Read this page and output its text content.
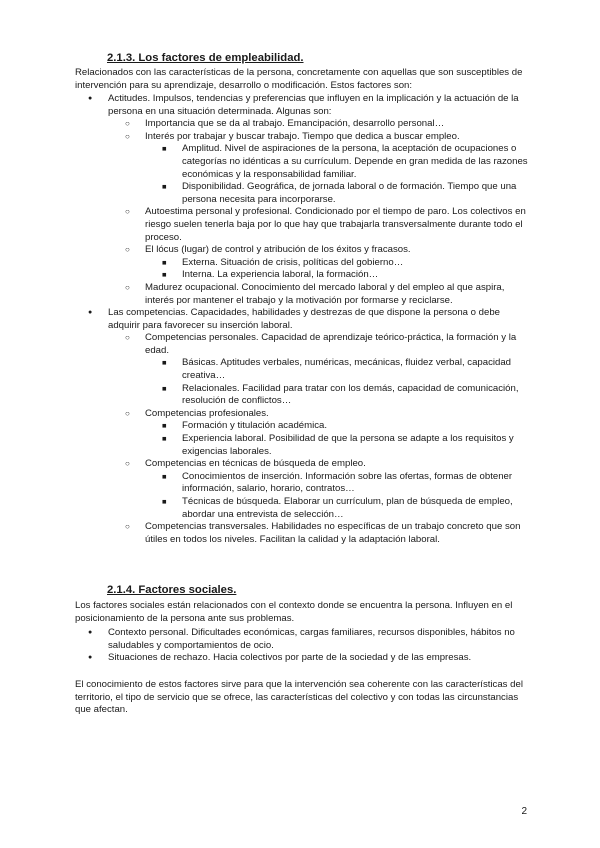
2.1.3. Los factores de empleabilidad.
Relacionados con las características de la persona, concretamente con aquellas que son susceptibles de intervención para su aprendizaje, desarrollo o modificación. Estos factores son:
● Actitudes. Impulsos, tendencias y preferencias que influyen en la implicación y la actuación de la persona en una situación determinada. Algunas son:
○ Importancia que se da al trabajo. Emancipación, desarrollo personal…
○ Interés por trabajar y buscar trabajo. Tiempo que dedica a buscar empleo.
■ Amplitud. Nivel de aspiraciones de la persona, la aceptación de ocupaciones o categorías no idénticas a su currículum. Depende en gran medida de las razones económicas y la responsabilidad familiar.
■ Disponibilidad. Geográfica, de jornada laboral o de formación. Tiempo que una persona necesita para incorporarse.
○ Autoestima personal y profesional. Condicionado por el tiempo de paro. Los colectivos en riesgo suelen tenerla baja por lo que hay que trabajarla transversalmente durante todo el proceso.
○ El lócus (lugar) de control y atribución de los éxitos y fracasos.
■ Externa. Situación de crisis, políticas del gobierno…
■ Interna. La experiencia laboral, la formación…
○ Madurez ocupacional. Conocimiento del mercado laboral y del empleo al que aspira, interés por mantener el trabajo y la motivación por formarse y reciclarse.
● Las competencias. Capacidades, habilidades y destrezas de que dispone la persona o debe adquirir para favorecer su inserción laboral.
○ Competencias personales. Capacidad de aprendizaje teórico-práctica, la formación y la edad.
■ Básicas. Aptitudes verbales, numéricas, mecánicas, fluidez verbal, capacidad creativa…
■ Relacionales. Facilidad para tratar con los demás, capacidad de comunicación, resolución de conflictos…
○ Competencias profesionales.
■ Formación y titulación académica.
■ Experiencia laboral. Posibilidad de que la persona se adapte a los requisitos y exigencias laborales.
○ Competencias en técnicas de búsqueda de empleo.
■ Conocimientos de inserción. Información sobre las ofertas, formas de obtener información, salario, horario, contratos…
■ Técnicas de búsqueda. Elaborar un currículum, plan de búsqueda de empleo, abordar una entrevista de selección…
○ Competencias transversales. Habilidades no específicas de un trabajo concreto que son útiles en todos los niveles. Facilitan la calidad y la adaptación laboral.
2.1.4. Factores sociales.
Los factores sociales están relacionados con el contexto donde se encuentra la persona. Influyen en el posicionamiento de la persona ante sus problemas.
● Contexto personal. Dificultades económicas, cargas familiares, recursos disponibles, hábitos no saludables y comportamientos de ocio.
● Situaciones de rechazo. Hacia colectivos por parte de la sociedad y de las empresas.
El conocimiento de estos factores sirve para que la intervención sea coherente con las características del territorio, el tipo de servicio que se ofrece, las características del colectivo y con todas las circunstancias que afectan.
2
